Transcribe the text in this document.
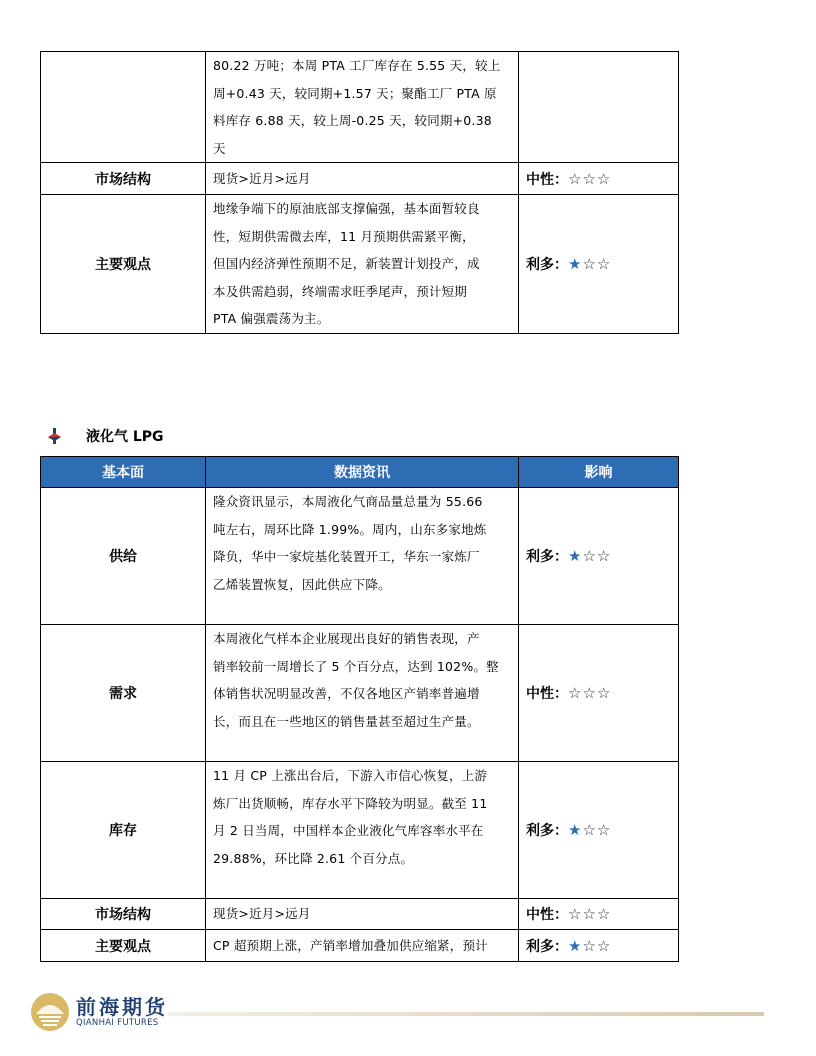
	80.22 万吨；本周 PTA 工厂库存在 5.55 天，较上
周+0.43 天，较同期+1.57 天；聚酯工厂 PTA 原
料库存 6.88 天，较上周-0.25 天，较同期+0.38
天	

市场结构	现货>近月>远月	中性：☆☆☆
主要观点	地缘争端下的原油底部支撑偏强，基本面暂较良
性，短期供需微去库，11 月预期供需紧平衡，
但国内经济弹性预期不足，新装置计划投产，成
本及供需趋弱，终端需求旺季尾声，预计短期
PTA 偏强震荡为主。	利多：★☆☆
液化气 LPG
基本面	数据资讯	影响
供给	隆众资讯显示，本周液化气商品量总量为 55.66
吨左右，周环比降 1.99%。周内，山东多家地炼
降负，华中一家烷基化装置开工，华东一家炼厂
乙烯装置恢复，因此供应下降。	利多：★☆☆
需求	本周液化气样本企业展现出良好的销售表现，产
销率较前一周增长了 5 个百分点，达到 102%。整
体销售状况明显改善，不仅各地区产销率普遍增
长，而且在一些地区的销售量甚至超过生产量。	中性：☆☆☆
库存	11 月 CP 上涨出台后，下游入市信心恢复，上游
炼厂出货顺畅，库存水平下降较为明显。截至 11
月 2 日当周，中国样本企业液化气库容率水平在
29.88%，环比降 2.61 个百分点。	利多：★☆☆
市场结构	现货>近月>远月	中性：☆☆☆
主要观点	CP 超预期上涨，产销率增加叠加供应缩紧，预计	利多：★☆☆
前海期货
QIANHAI FUTURES
